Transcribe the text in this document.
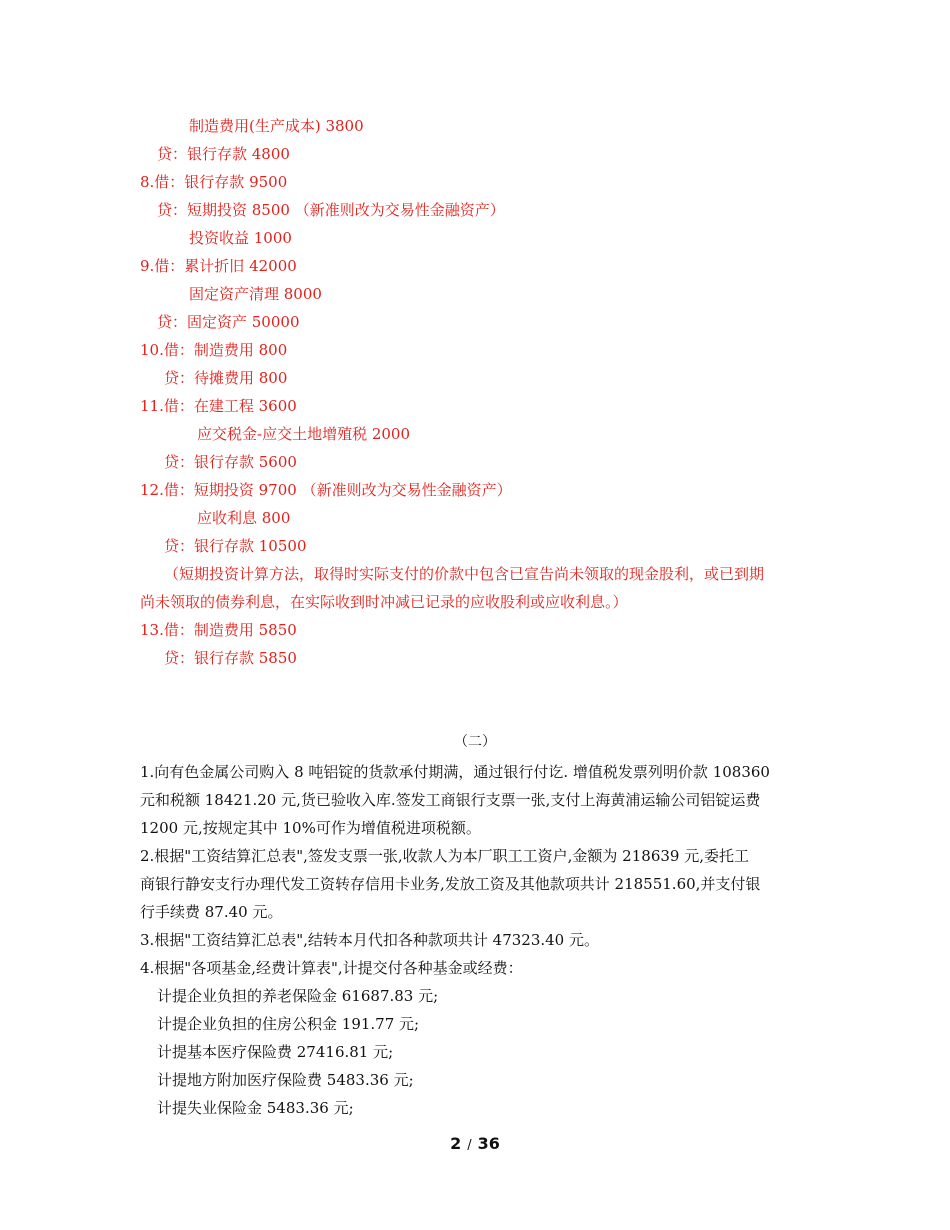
制造费用(生产成本) 3800
贷：银行存款 4800
8.借：银行存款 9500
贷：短期投资 8500 （新准则改为交易性金融资产）
投资收益 1000
9.借：累计折旧 42000
固定资产清理 8000
贷：固定资产 50000
10.借：制造费用 800
贷：待摊费用 800
11.借：在建工程 3600
应交税金-应交土地增殖税 2000
贷：银行存款 5600
12.借：短期投资 9700 （新准则改为交易性金融资产）
应收利息 800
贷：银行存款 10500
（短期投资计算方法，取得时实际支付的价款中包含已宣告尚未领取的现金股利，或已到期
尚未领取的债券利息，在实际收到时冲减已记录的应收股利或应收利息。）
13.借：制造费用 5850
贷：银行存款 5850
（二）
1.向有色金属公司购入 8 吨铝锭的货款承付期满，通过银行付讫. 增值税发票列明价款 108360
元和税额 18421.20 元,货已验收入库.签发工商银行支票一张,支付上海黄浦运输公司铝锭运费
1200 元,按规定其中 10%可作为增值税进项税额。
2.根据"工资结算汇总表",签发支票一张,收款人为本厂职工工资户,金额为 218639 元,委托工
商银行静安支行办理代发工资转存信用卡业务,发放工资及其他款项共计 218551.60,并支付银
行手续费 87.40 元。
3.根据"工资结算汇总表",结转本月代扣各种款项共计 47323.40 元。
4.根据"各项基金,经费计算表",计提交付各种基金或经费：
计提企业负担的养老保险金 61687.83 元;
计提企业负担的住房公积金 191.77 元;
计提基本医疗保险费 27416.81 元;
计提地方附加医疗保险费 5483.36 元;
计提失业保险金 5483.36 元;
2 / 36
